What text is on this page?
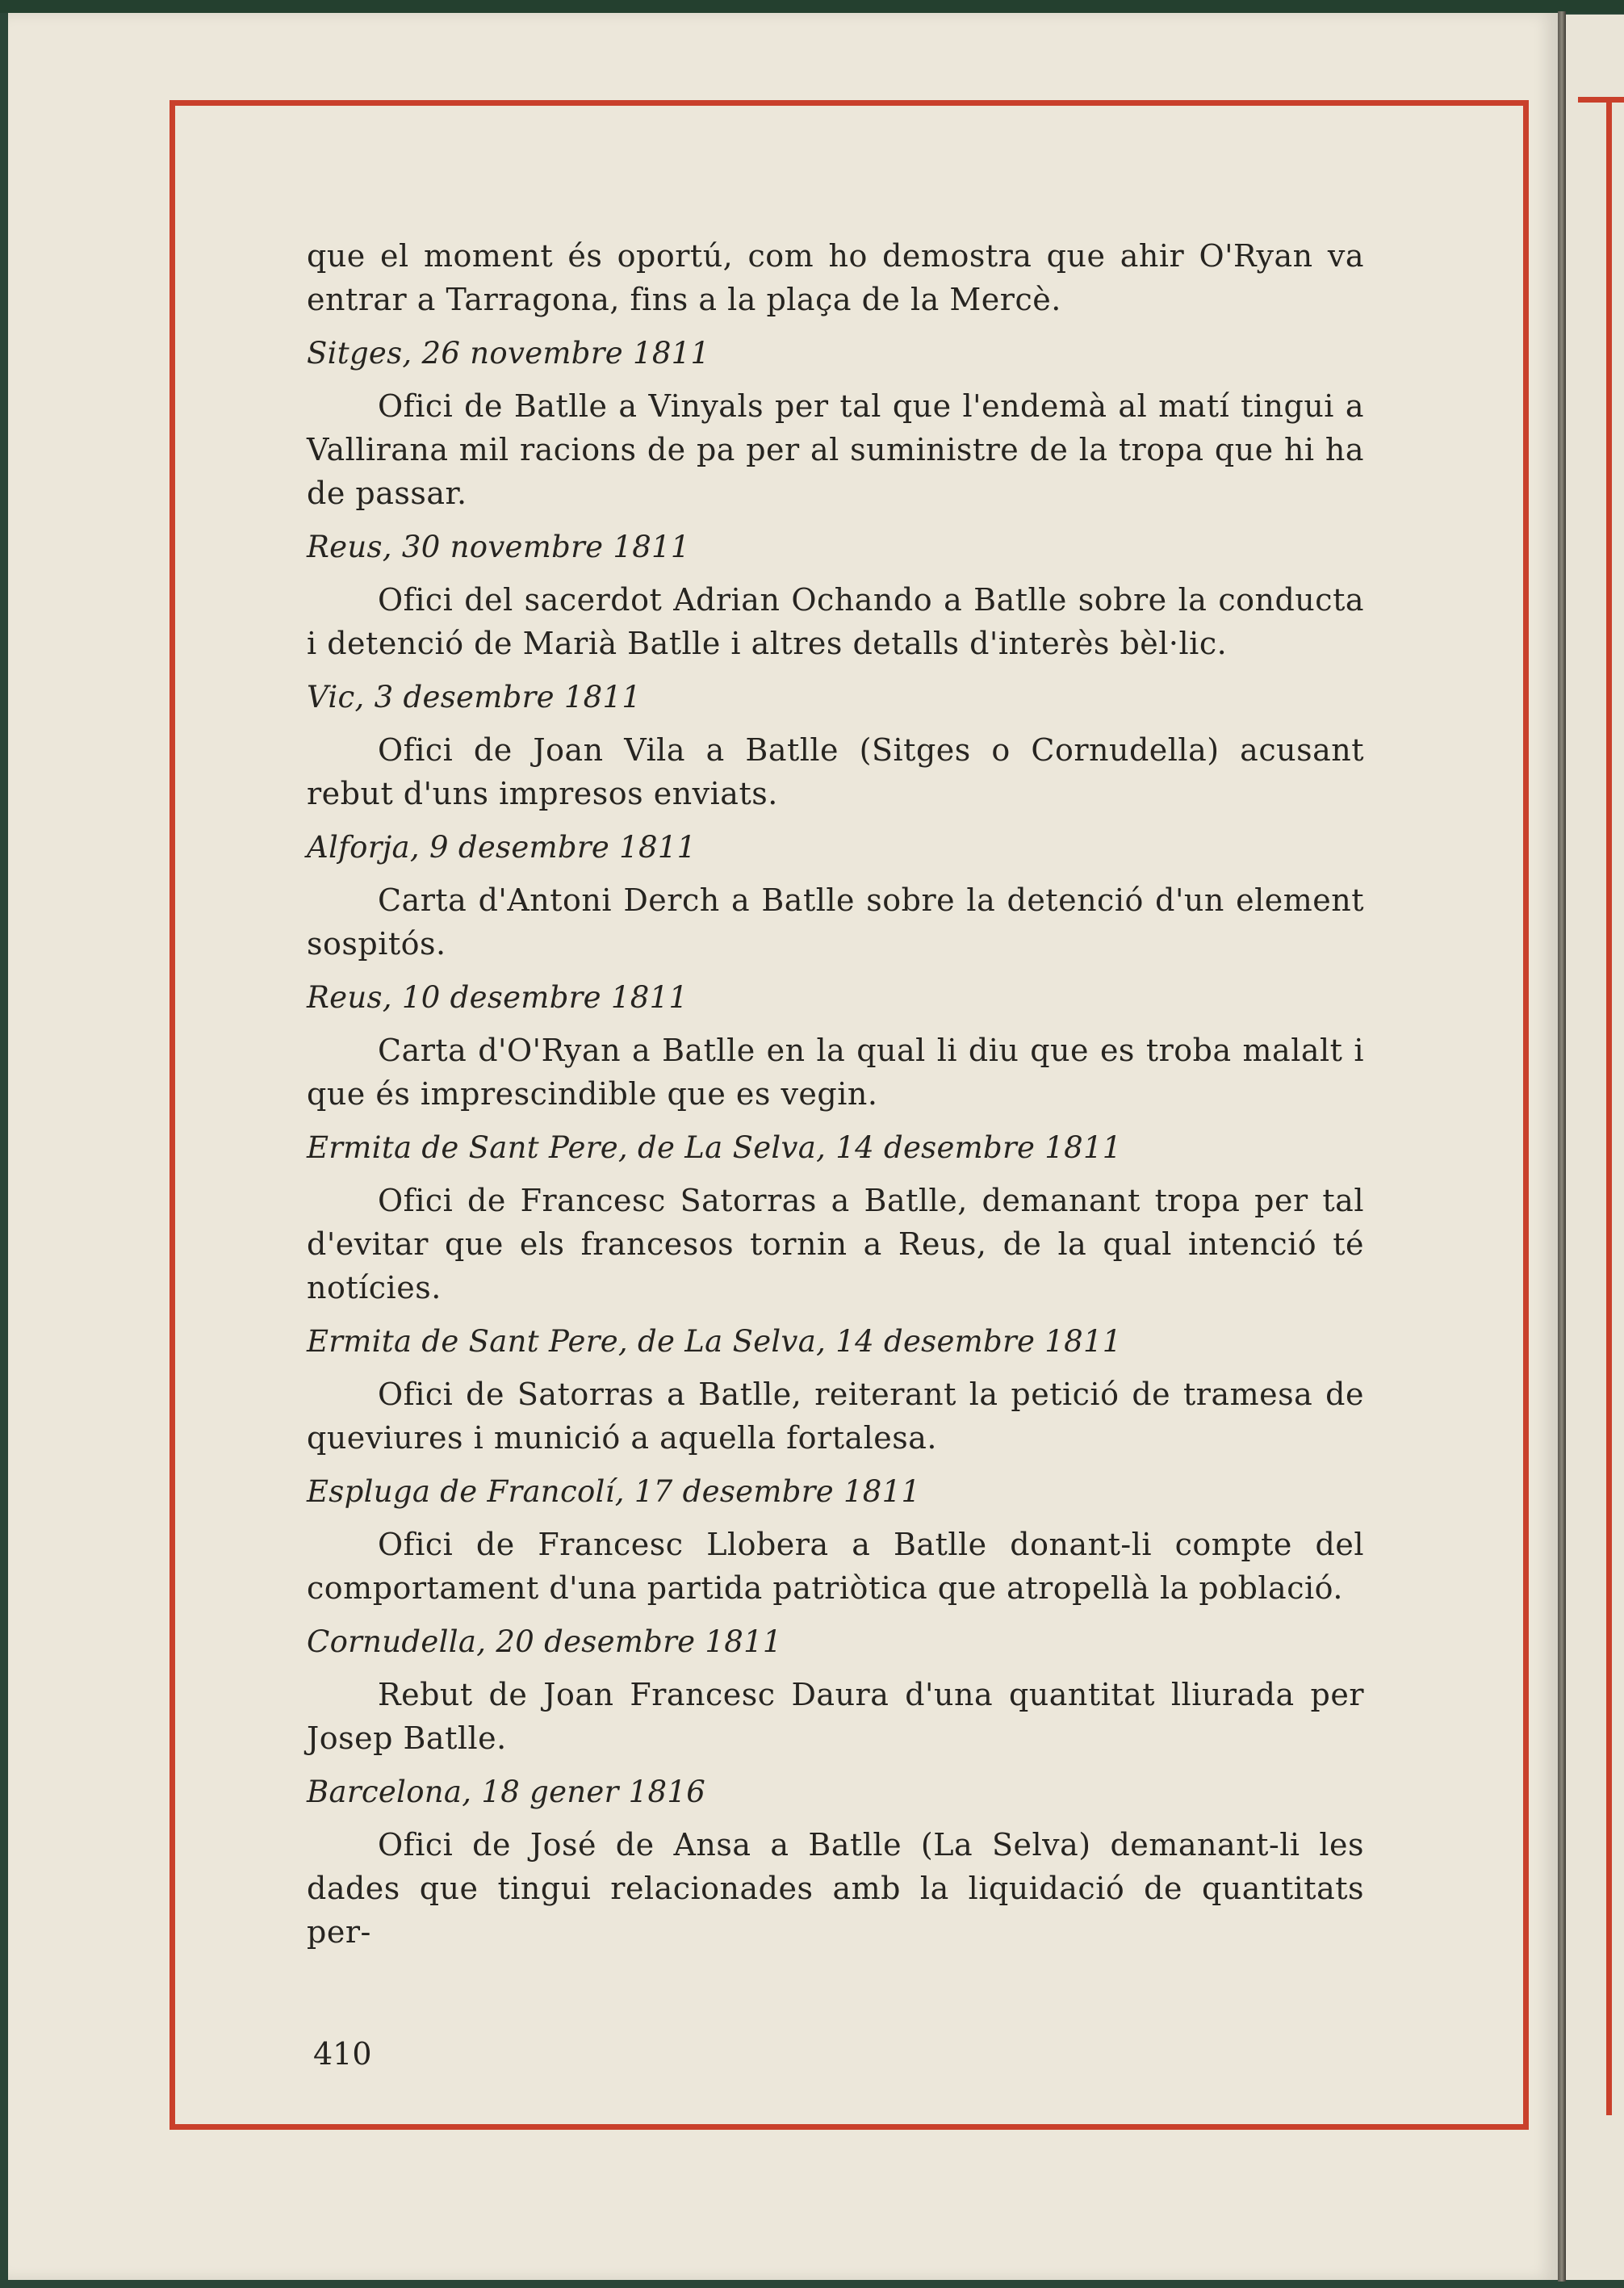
que el moment és oportú, com ho demostra que ahir O'Ryan va entrar a Tarragona, fins a la plaça de la Mercè.

Sitges, 26 novembre 1811

Ofici de Batlle a Vinyals per tal que l'endemà al matí tingui a Vallirana mil racions de pa per al suministre de la tropa que hi ha de passar.

Reus, 30 novembre 1811

Ofici del sacerdot Adrian Ochando a Batlle sobre la conducta i detenció de Marià Batlle i altres detalls d'interès bèl·lic.

Vic, 3 desembre 1811

Ofici de Joan Vila a Batlle (Sitges o Cornudella) acusant rebut d'uns impresos enviats.

Alforja, 9 desembre 1811

Carta d'Antoni Derch a Batlle sobre la detenció d'un element sospitós.

Reus, 10 desembre 1811

Carta d'O'Ryan a Batlle en la qual li diu que es troba malalt i que és imprescindible que es vegin.

Ermita de Sant Pere, de La Selva, 14 desembre 1811

Ofici de Francesc Satorras a Batlle, demanant tropa per tal d'evitar que els francesos tornin a Reus, de la qual intenció té notícies.

Ermita de Sant Pere, de La Selva, 14 desembre 1811

Ofici de Satorras a Batlle, reiterant la petició de tramesa de queviures i munició a aquella fortalesa.

Espluga de Francolí, 17 desembre 1811

Ofici de Francesc Llobera a Batlle donant-li compte del comportament d'una partida patriòtica que atropellà la població.

Cornudella, 20 desembre 1811

Rebut de Joan Francesc Daura d'una quantitat lliurada per Josep Batlle.

Barcelona, 18 gener 1816

Ofici de José de Ansa a Batlle (La Selva) demanant-li les dades que tingui relacionades amb la liquidació de quantitats per-

410
